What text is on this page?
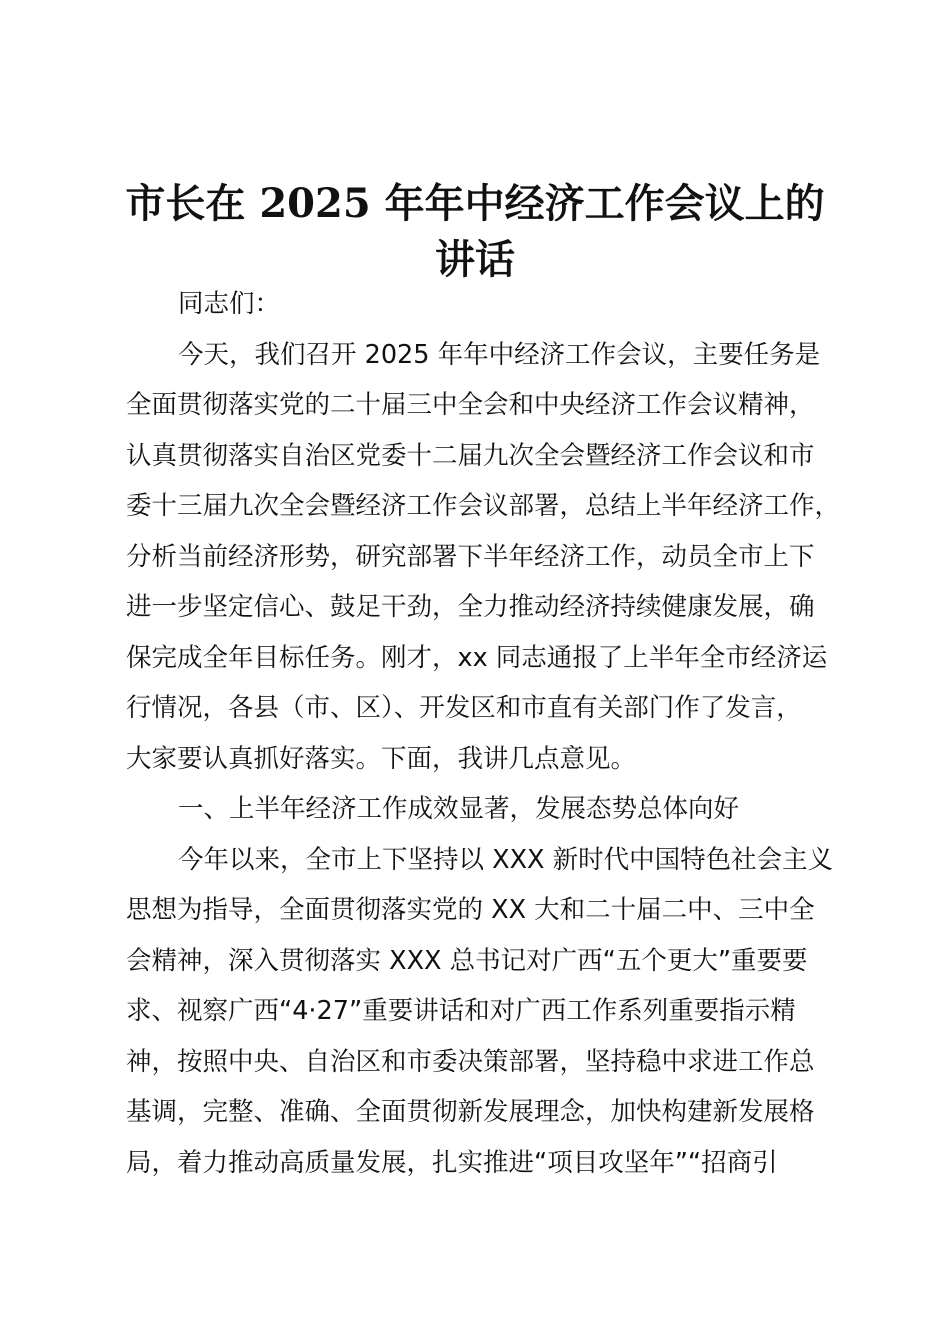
市长在 2025 年年中经济工作会议上的
讲话
同志们：
今天，我们召开 2025 年年中经济工作会议，主要任务是
全面贯彻落实党的二十届三中全会和中央经济工作会议精神，
认真贯彻落实自治区党委十二届九次全会暨经济工作会议和市
委十三届九次全会暨经济工作会议部署，总结上半年经济工作，
分析当前经济形势，研究部署下半年经济工作，动员全市上下
进一步坚定信心、鼓足干劲，全力推动经济持续健康发展，确
保完成全年目标任务。刚才，xx 同志通报了上半年全市经济运
行情况，各县（市、区）、开发区和市直有关部门作了发言，
大家要认真抓好落实。下面，我讲几点意见。
一、上半年经济工作成效显著，发展态势总体向好
今年以来，全市上下坚持以 XXX 新时代中国特色社会主义
思想为指导，全面贯彻落实党的 XX 大和二十届二中、三中全
会精神，深入贯彻落实 XXX 总书记对广西“五个更大”重要要
求、视察广西“4·27”重要讲话和对广西工作系列重要指示精
神，按照中央、自治区和市委决策部署，坚持稳中求进工作总
基调，完整、准确、全面贯彻新发展理念，加快构建新发展格
局，着力推动高质量发展，扎实推进“项目攻坚年”“招商引
